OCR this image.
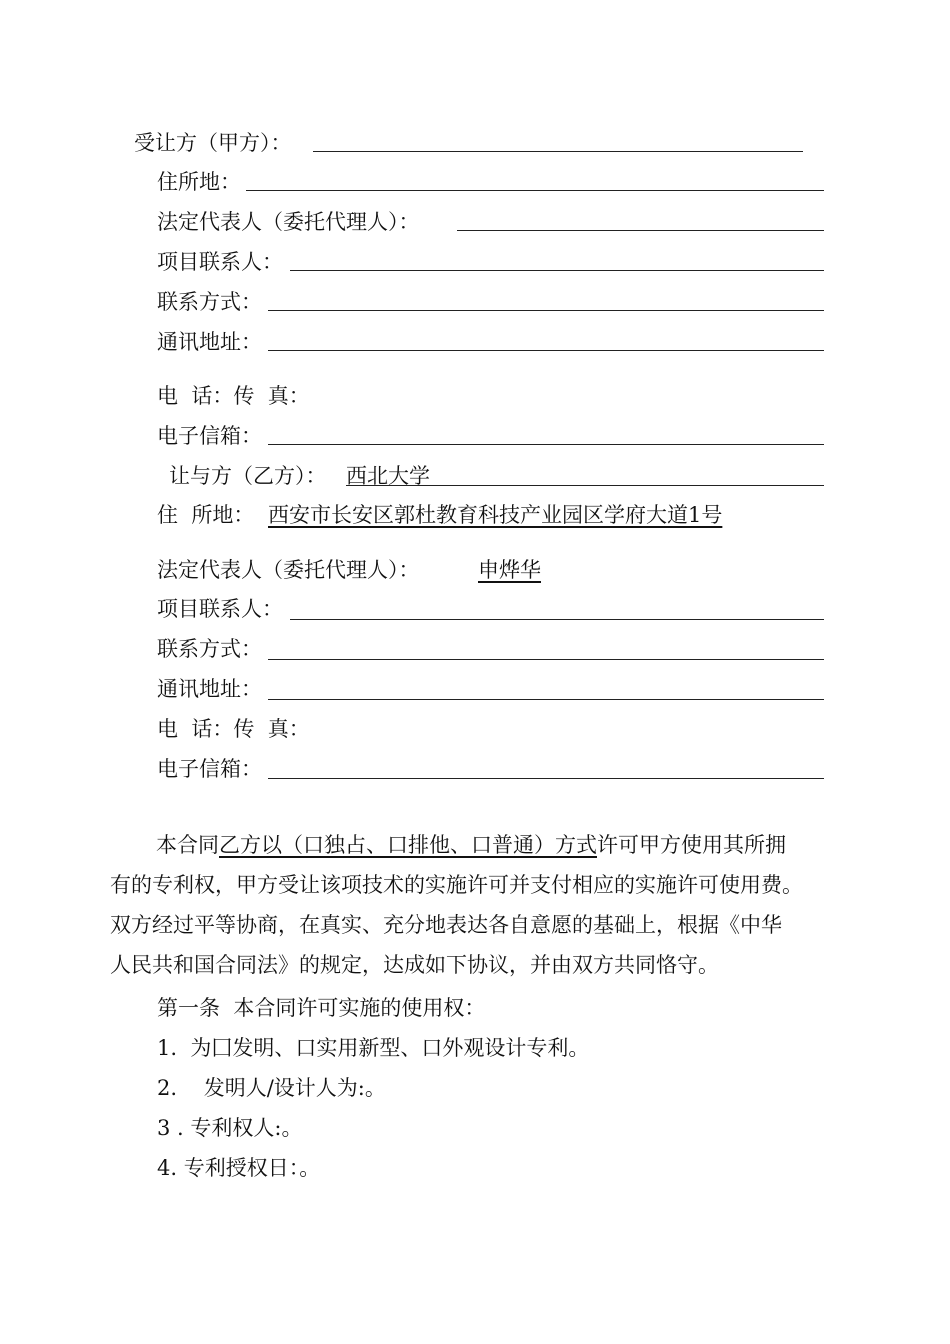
受让方（甲方）：
住所地：
法定代表人（委托代理人）：
项目联系人：
联系方式：
通讯地址：
电  话：传  真：
电子信箱：
让与方（乙方）： 西北大学
住  所地： 西安市长安区郭杜教育科技产业园区学府大道1号
法定代表人（委托代理人）：	申烨华
项目联系人：
联系方式：
通讯地址：
电  话：传  真：
电子信箱：
本合同乙方以（口独占、口排他、口普通）方式许可甲方使用其所拥
有的专利权，甲方受让该项技术的实施许可并支付相应的实施许可使用费。
双方经过平等协商，在真实、充分地表达各自意愿的基础上，根据《中华
人民共和国合同法》的规定，达成如下协议，并由双方共同恪守。
第一条  本合同许可实施的使用权：
1.  为囗发明、口实用新型、口外观设计专利。
2.    发明人/设计人为:。
3 . 专利权人:。
4. 专利授权日：。
